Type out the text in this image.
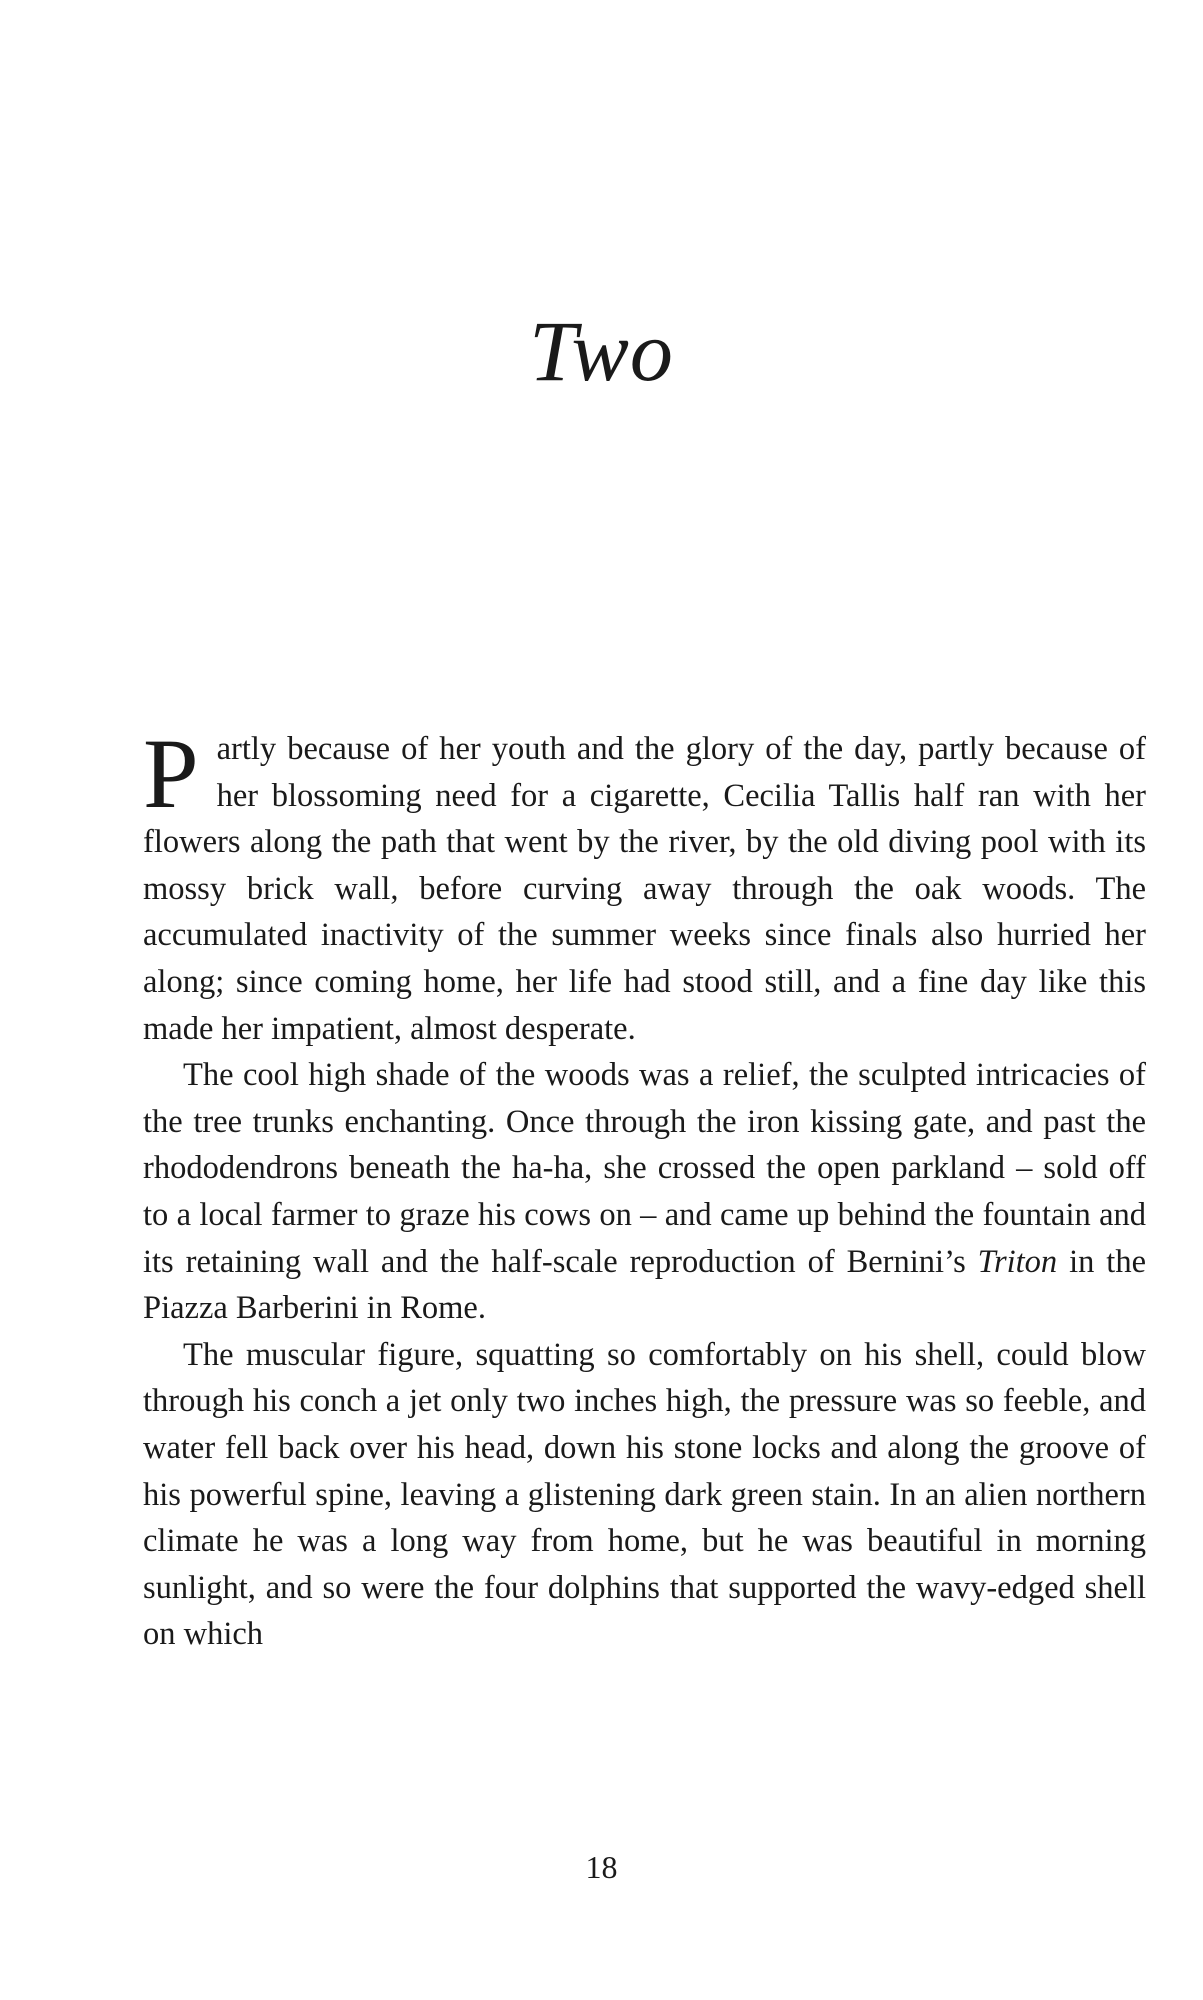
Two

Partly because of her youth and the glory of the day, partly because of her blossoming need for a cigarette, Cecilia Tallis half ran with her flowers along the path that went by the river, by the old diving pool with its mossy brick wall, before curving away through the oak woods. The accumulated inactivity of the summer weeks since finals also hurried her along; since coming home, her life had stood still, and a fine day like this made her impatient, almost desperate.

The cool high shade of the woods was a relief, the sculpted intricacies of the tree trunks enchanting. Once through the iron kissing gate, and past the rhododendrons beneath the ha-ha, she crossed the open parkland – sold off to a local farmer to graze his cows on – and came up behind the fountain and its retaining wall and the half-scale reproduction of Bernini’s Triton in the Piazza Barberini in Rome.

The muscular figure, squatting so comfortably on his shell, could blow through his conch a jet only two inches high, the pressure was so feeble, and water fell back over his head, down his stone locks and along the groove of his powerful spine, leaving a glistening dark green stain. In an alien northern climate he was a long way from home, but he was beautiful in morning sunlight, and so were the four dolphins that supported the wavy-edged shell on which

18
